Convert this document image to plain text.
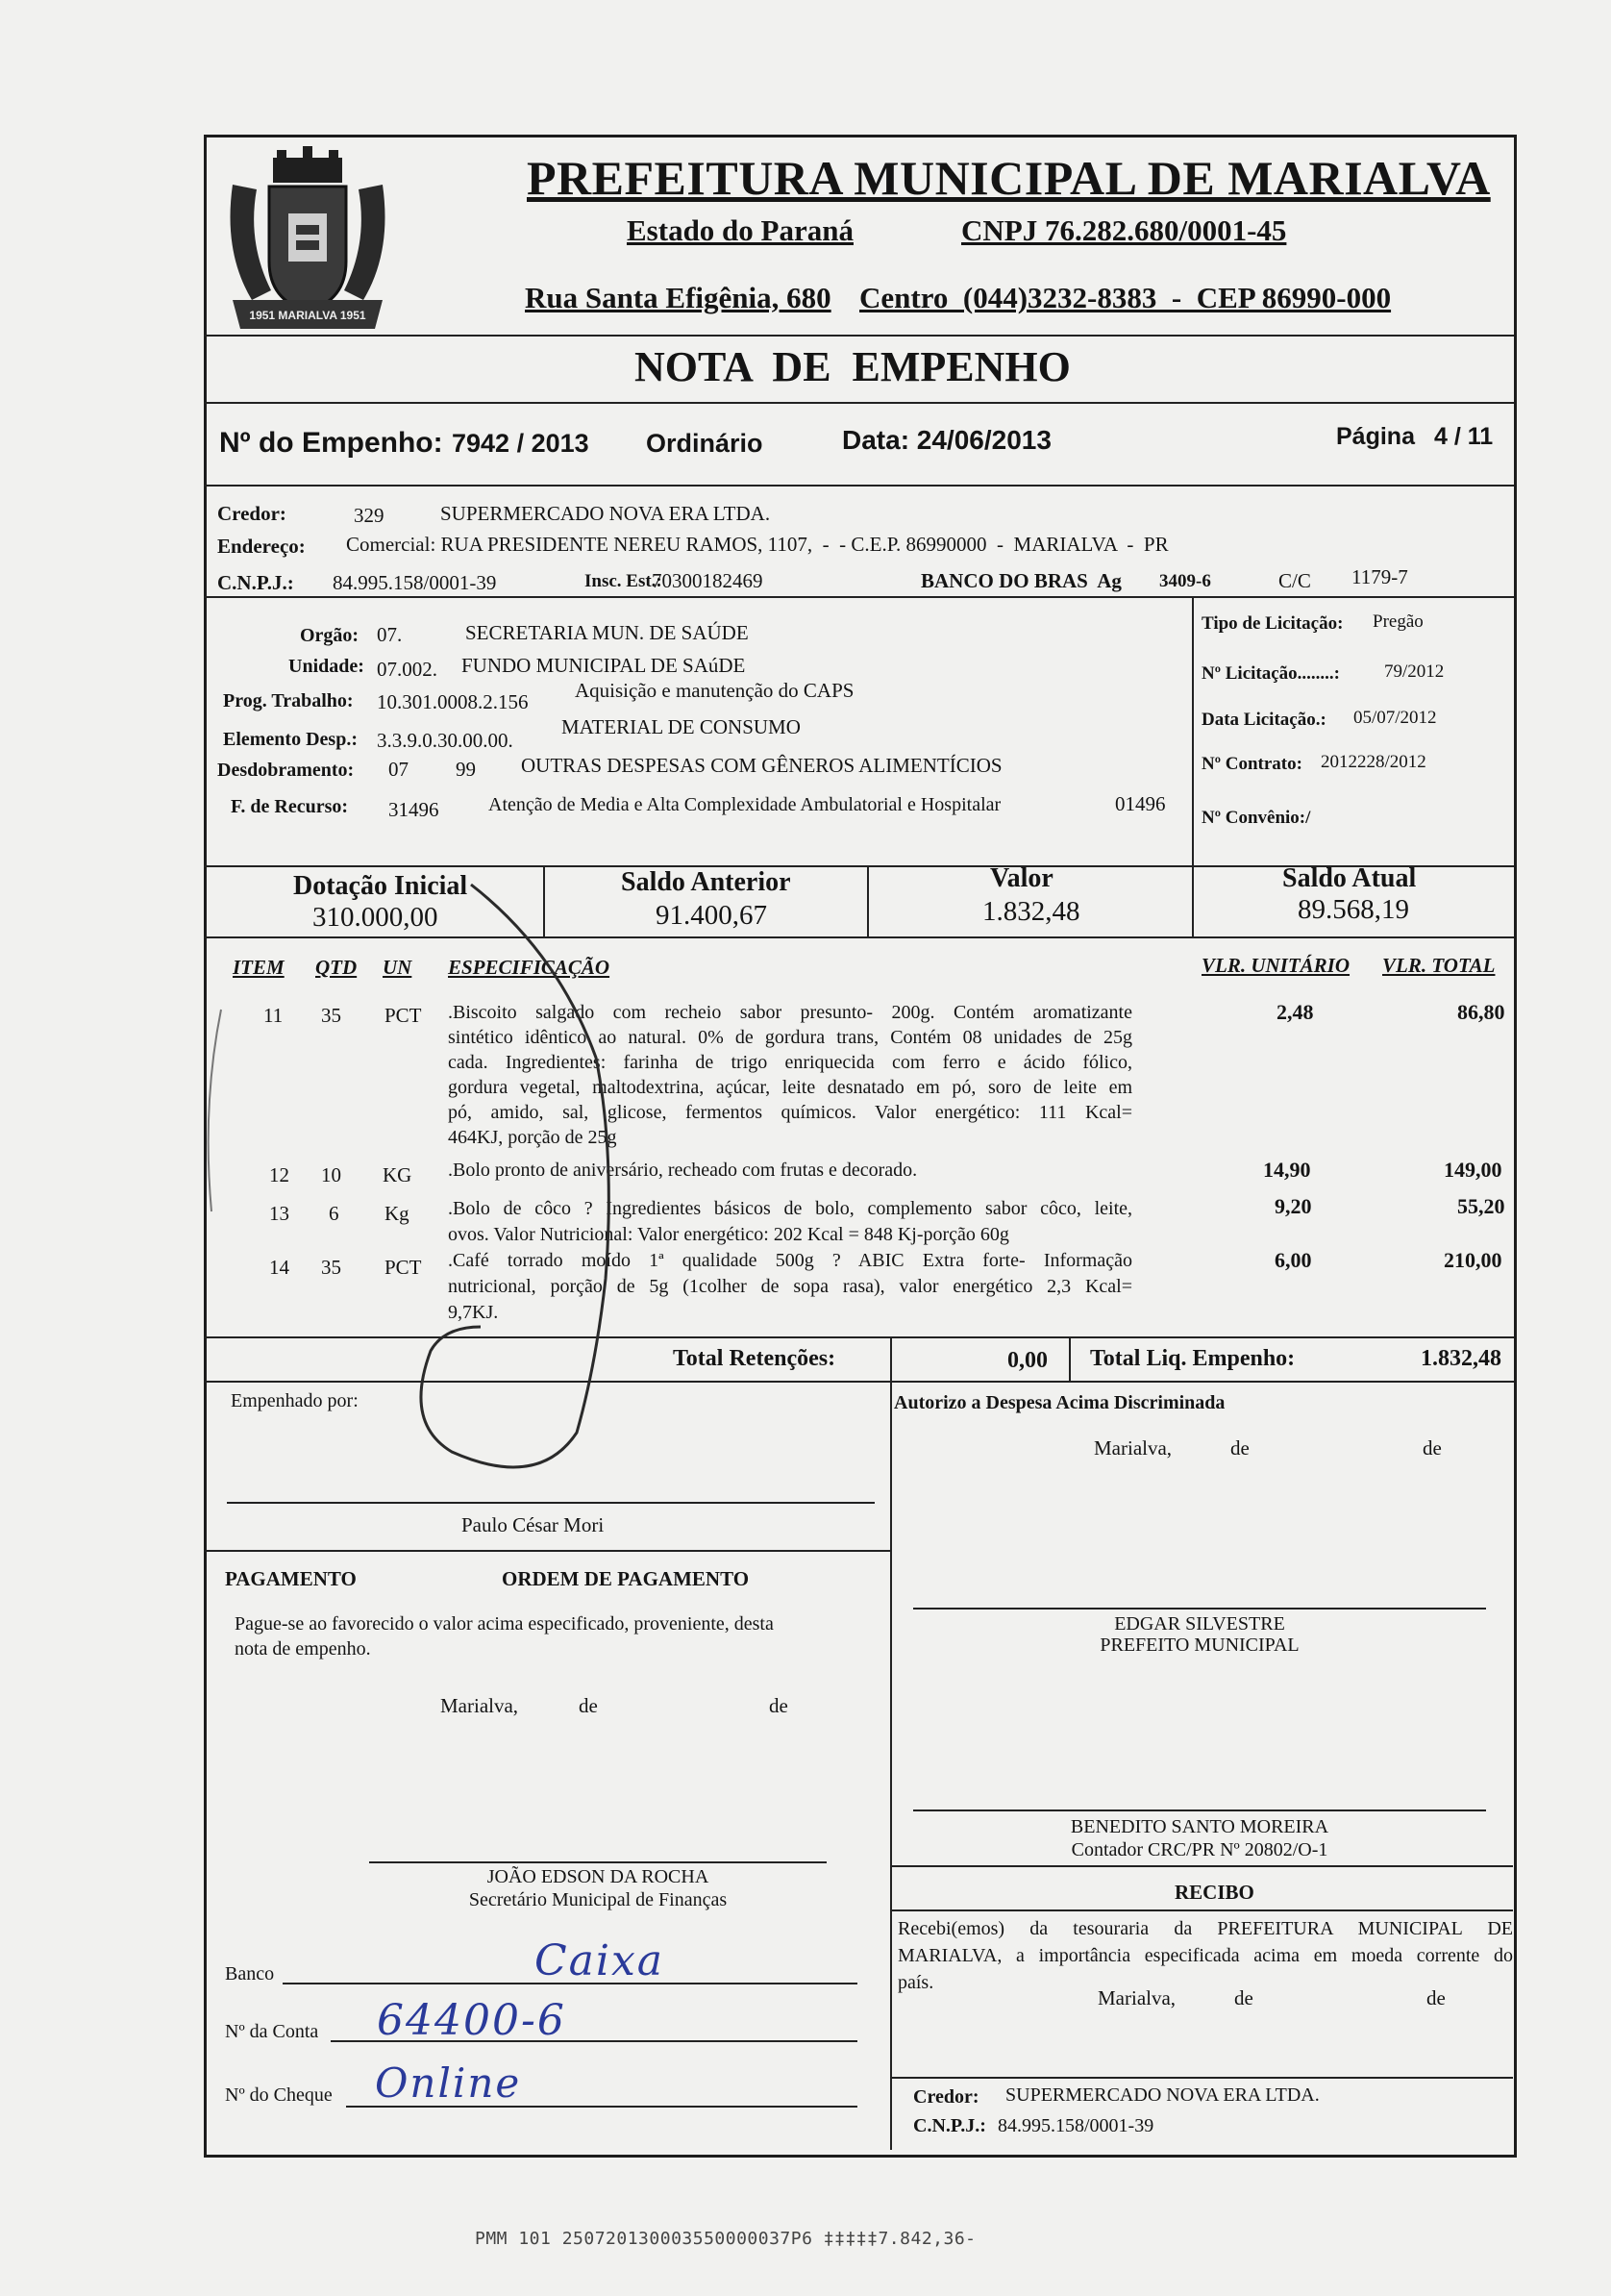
1951 MARIALVA 1951
PREFEITURA MUNICIPAL DE MARIALVA
Estado do Paraná	CNPJ 76.282.680/0001-45
Rua Santa Efigênia, 680 Centro  (044)3232-8383  -  CEP 86990-000
NOTA  DE  EMPENHO
Nº do Empenho: 7942 / 2013 Ordinário	Data: 24/06/2013	Página 4 / 11
Credor:	329	SUPERMERCADO NOVA ERA LTDA.
Endereço: Comercial: RUA PRESIDENTE NEREU RAMOS, 1107,  -  - C.E.P. 86990000  -  MARIALVA  -  PR
C.N.P.J.: 84.995.158/0001-39	Insc. Est.:
70300182469	BANCO DO BRAS  Ag 3409-6	C/C 1179-7
Orgão: 07.	SECRETARIA MUN. DE SAÚDE
Unidade: 07.002. FUNDO MUNICIPAL DE SAúDE
Prog. Trabalho: 10.301.0008.2.156 Aquisição e manutenção do CAPS
Elemento Desp.: 3.3.9.0.30.00.00.
MATERIAL DE CONSUMO
Desdobramento: 07 99 OUTRAS DESPESAS COM GÊNEROS ALIMENTÍCIOS
F. de Recurso: 31496	Atenção de Media e Alta Complexidade Ambulatorial e Hospitalar	01496
Tipo de Licitação: Pregão
Nº Licitação........: 79/2012
Data Licitação.: 05/07/2012
Nº Contrato: 2012228/2012
Nº Convênio:/
Dotação Inicial
310.000,00
Saldo Anterior
91.400,67
Valor
1.832,48
Saldo Atual
89.568,19
ITEM QTD UN ESPECIFICAÇÃO	VLR. UNITÁRIO VLR. TOTAL
11 35 PCT .Biscoito salgado com recheio sabor presunto- 200g. Contém aromatizante
sintético idêntico ao natural. 0% de gordura trans, Contém 08 unidades de 25g
cada. Ingredientes: farinha de trigo enriquecida com ferro e ácido fólico,
gordura vegetal, maltodextrina, açúcar, leite desnatado em pó, soro de leite em
pó, amido, sal, glicose, fermentos químicos. Valor energético: 111 Kcal=
464KJ, porção de 25g
2,48	86,80
12 10 KG .Bolo pronto de aniversário, recheado com frutas e decorado.	14,90	149,00
13 6 Kg .Bolo de côco ? Ingredientes básicos de bolo, complemento sabor côco, leite,
ovos. Valor Nutricional: Valor energético: 202 Kcal = 848 Kj-porção 60g
9,20	55,20
14 35 PCT .Café torrado moído 1ª qualidade 500g ? ABIC Extra forte- Informação
nutricional, porção de 5g (1colher de sopa rasa), valor energético 2,3 Kcal=
9,7KJ.
6,00	210,00
Total Retenções:	0,00 Total Liq. Empenho:	1.832,48
Empenhado por:
Paulo César Mori
Autorizo a Despesa Acima Discriminada
Marialva,	de	de
PAGAMENTO	ORDEM DE PAGAMENTO
Pague-se ao favorecido o valor acima especificado, proveniente, desta
nota de empenho.
Marialva,	de	de
EDGAR SILVESTRE
PREFEITO MUNICIPAL
BENEDITO SANTO MOREIRA
Contador CRC/PR Nº 20802/O-1
JOÃO EDSON DA ROCHA
Secretário Municipal de Finanças	RECIBO
Recebi(emos) da tesouraria da PREFEITURA MUNICIPAL DE
MARIALVA, a importância especificada acima em moeda corrente do
país.
Marialva,	de	de
Banco	Caixa
Nº da Conta 64400-6
Nº do Cheque Online	Credor: SUPERMERCADO NOVA ERA LTDA.
C.N.P.J.: 84.995.158/0001-39
PMM 101 250720130003550000037P6 ‡‡‡‡‡7.842,36-
